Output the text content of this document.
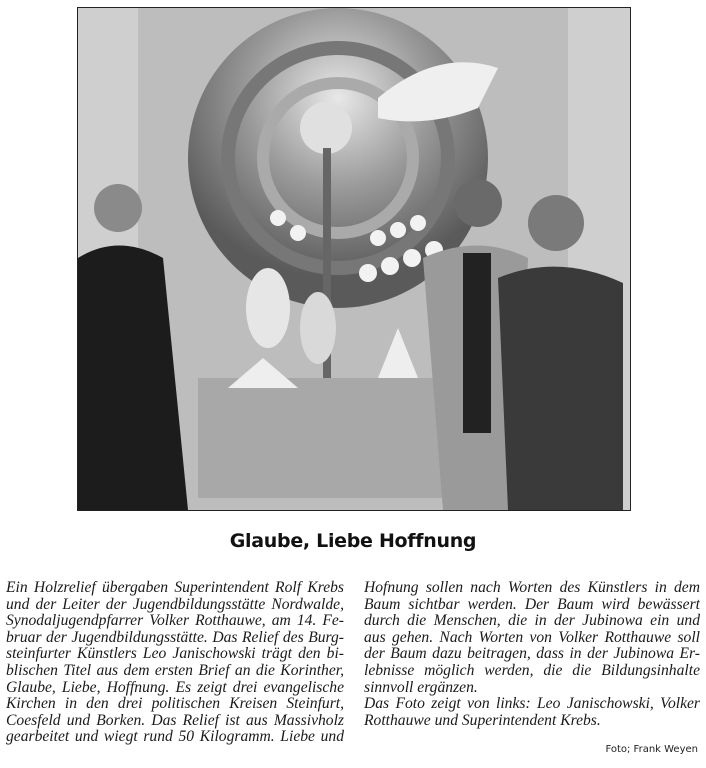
Glaube, Liebe Hoffnung
Ein Holzrelief übergaben Superintendent Rolf Krebs
und der Leiter der Jugendbildungsstätte Nordwalde,
Synodaljugendpfarrer Volker Rotthauwe, am 14. Fe-
bruar der Jugendbildungsstätte. Das Relief des Burg-
steinfurter Künstlers Leo Janischowski trägt den bi-
blischen Titel aus dem ersten Brief an die Korinther,
Glaube, Liebe, Hoffnung. Es zeigt drei evangelische
Kirchen in den drei politischen Kreisen Steinfurt,
Coesfeld und Borken. Das Relief ist aus Massivholz
gearbeitet und wiegt rund 50 Kilogramm. Liebe und
Hofnung sollen nach Worten des Künstlers in dem
Baum sichtbar werden. Der Baum wird bewässert
durch die Menschen, die in der Jubinowa ein und
aus gehen. Nach Worten von Volker Rotthauwe soll
der Baum dazu beitragen, dass in der Jubinowa Er-
lebnisse möglich werden, die die Bildungsinhalte
sinnvoll ergänzen.
Das Foto zeigt von links: Leo Janischowski, Volker
Rotthauwe und Superintendent Krebs.
Foto; Frank Weyen
